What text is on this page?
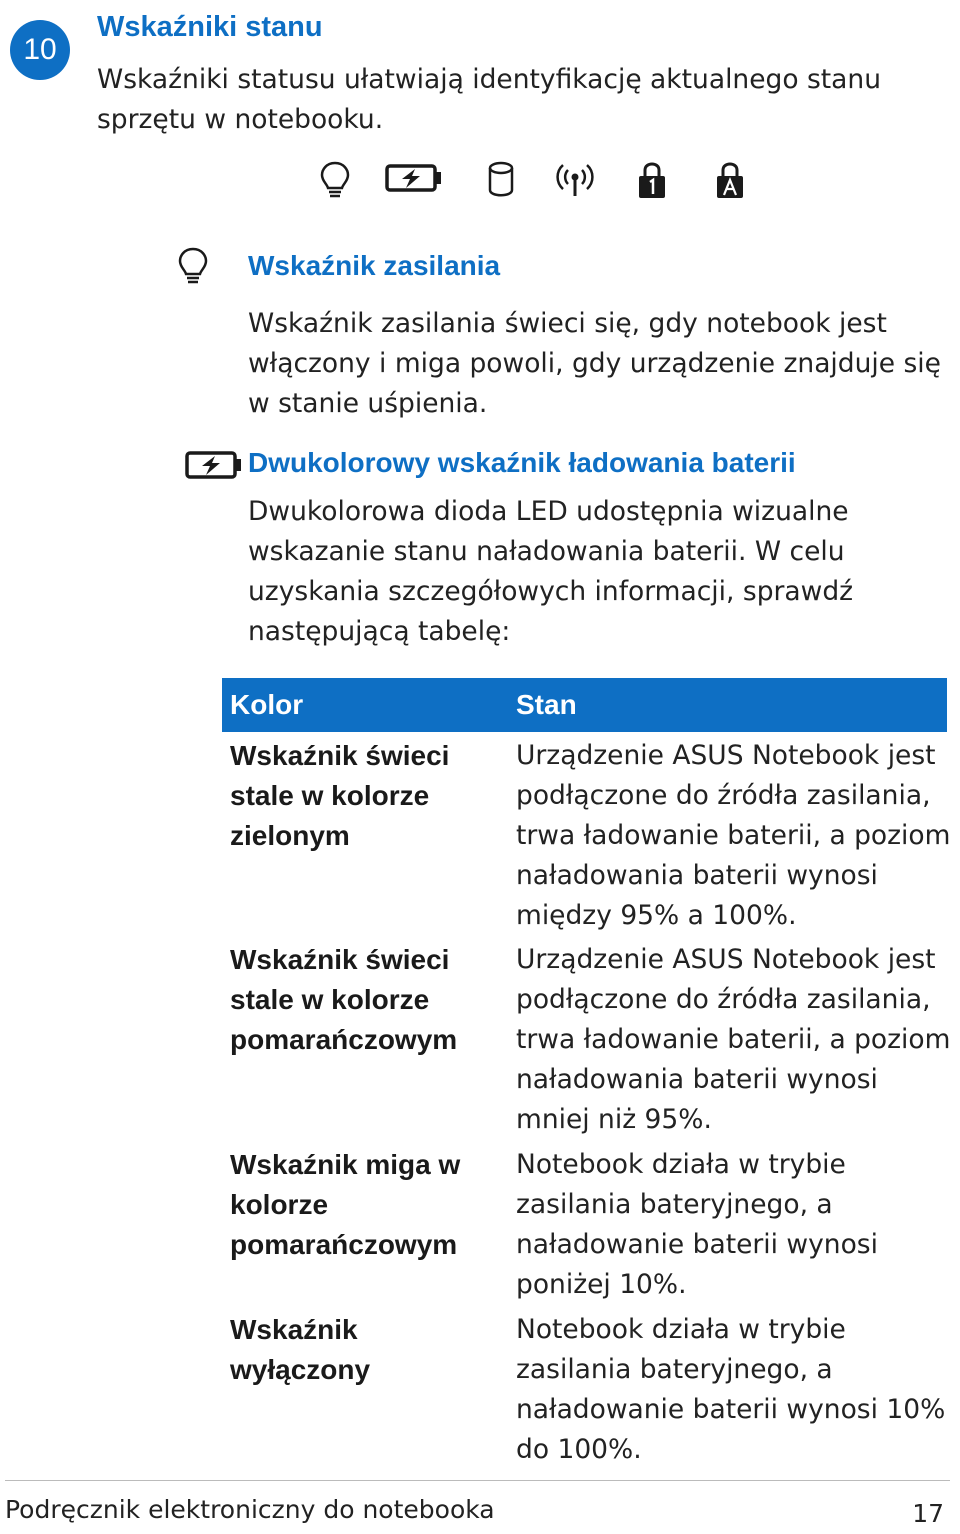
10
Wskaźniki stanu
Wskaźniki statusu ułatwiają identyfikację aktualnego stanu sprzętu w notebooku.
Wskaźnik zasilania
Wskaźnik zasilania świeci się, gdy notebook jest włączony i miga powoli, gdy urządzenie znajduje się w stanie uśpienia.
Dwukolorowy wskaźnik ładowania baterii
Dwukolorowa dioda LED udostępnia wizualne wskazanie stanu naładowania baterii. W celu uzyskania szczegółowych informacji, sprawdź następującą tabelę:
Kolor	Stan
Wskaźnik świeci stale w kolorze zielonym
Urządzenie ASUS Notebook jest podłączone do źródła zasilania, trwa ładowanie baterii, a poziom naładowania baterii wynosi między 95% a 100%.
Wskaźnik świeci stale w kolorze pomarańczowym
Urządzenie ASUS Notebook jest podłączone do źródła zasilania, trwa ładowanie baterii, a poziom naładowania baterii wynosi mniej niż 95%.
Wskaźnik miga w kolorze pomarańczowym
Notebook działa w trybie zasilania bateryjnego, a naładowanie baterii wynosi poniżej 10%.
Wskaźnik wyłączony
Notebook działa w trybie zasilania bateryjnego, a naładowanie baterii wynosi 10% do 100%.
Podręcznik elektroniczny do notebooka	17
